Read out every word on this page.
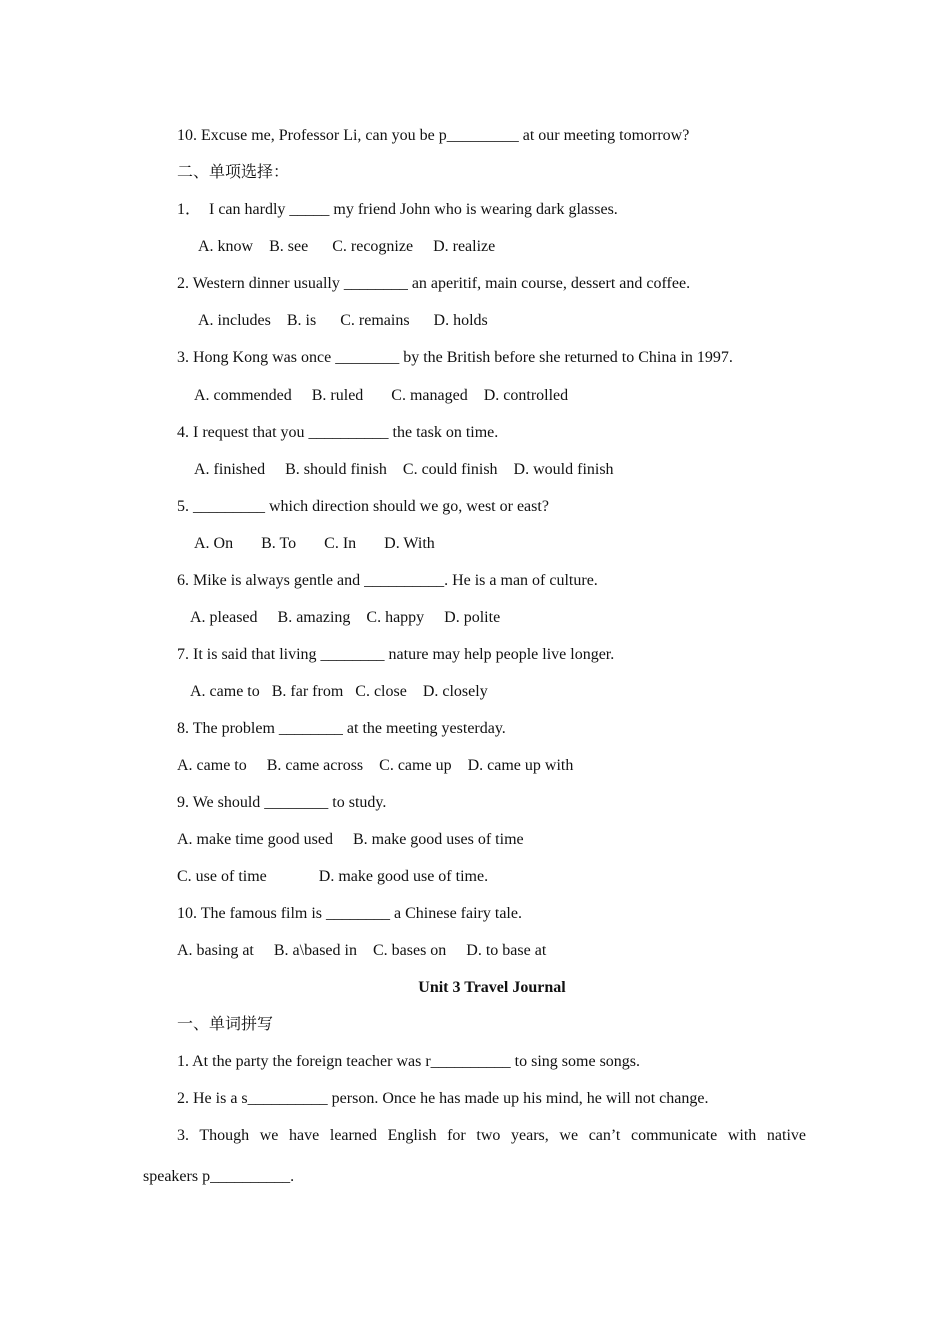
10. Excuse me, Professor Li, can you be p_________ at our meeting tomorrow?
二、单项选择：
1．  I can hardly _____ my friend John who is wearing dark glasses.
A. know    B. see      C. recognize     D. realize
2. Western dinner usually ________ an aperitif, main course, dessert and coffee.
A. includes    B. is      C. remains      D. holds
3. Hong Kong was once ________ by the British before she returned to China in 1997.
A. commended     B. ruled       C. managed    D. controlled
4. I request that you __________ the task on time.
A. finished     B. should finish    C. could finish    D. would finish
5. _________ which direction should we go, west or east?
A. On       B. To       C. In       D. With
6. Mike is always gentle and __________. He is a man of culture.
A. pleased     B. amazing    C. happy     D. polite
7. It is said that living ________ nature may help people live longer.
A. came to   B. far from   C. close    D. closely
8. The problem ________ at the meeting yesterday.
A. came to     B. came across    C. came up    D. came up with
9. We should ________ to study.
A. make time good used     B. make good uses of time
C. use of time             D. make good use of time.
10. The famous film is ________ a Chinese fairy tale.
A. basing at     B. a\based in    C. bases on     D. to base at
Unit 3 Travel Journal
一、单词拼写
1. At the party the foreign teacher was r__________ to sing some songs.
2. He is a s__________ person. Once he has made up his mind, he will not change.
3. Though we have learned English for two years, we can’t communicate with native
speakers p__________.
